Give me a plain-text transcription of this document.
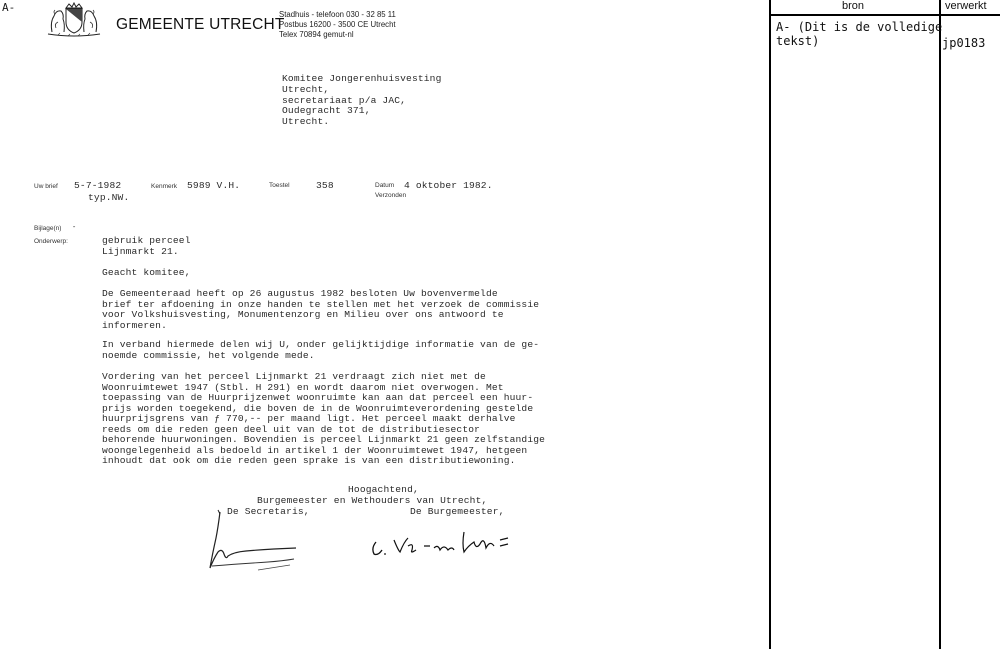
A-
GEMEENTE UTRECHT
Stadhuis - telefoon 030 - 32 85 11
Postbus 16200 - 3500 CE Utrecht
Telex 70894 gemut-nl
Komitee Jongerenhuisvesting
Utrecht,
secretariaat p/a JAC,
Oudegracht 371,
Utrecht.
Uw brief 5-7-1982
typ.NW.
Kenmerk 5989 V.H.	Toestel	358	Datum 4 oktober 1982.
Verzonden
Bijlage(n) -
Onderwerp:	gebruik perceel
Lijnmarkt 21.
Geacht komitee,
De Gemeenteraad heeft op 26 augustus 1982 besloten Uw bovenvermelde
brief ter afdoening in onze handen te stellen met het verzoek de commissie
voor Volkshuisvesting, Monumentenzorg en Milieu over ons antwoord te
informeren.
In verband hiermede delen wij U, onder gelijktijdige informatie van de ge-
noemde commissie, het volgende mede.
Vordering van het perceel Lijnmarkt 21 verdraagt zich niet met de
Woonruimtewet 1947 (Stbl. H 291) en wordt daarom niet overwogen. Met
toepassing van de Huurprijzenwet woonruimte kan aan dat perceel een huur-
prijs worden toegekend, die boven de in de Woonruimteverordening gestelde
huurprijsgrens van ƒ 770,-- per maand ligt. Het perceel maakt derhalve
reeds om die reden geen deel uit van de tot de distributiesector
behorende huurwoningen. Bovendien is perceel Lijnmarkt 21 geen zelfstandige
woongelegenheid als bedoeld in artikel 1 der Woonruimtewet 1947, hetgeen
inhoudt dat ook om die reden geen sprake is van een distributiewoning.
Hoogachtend,
Burgemeester en Wethouders van Utrecht,
De Secretaris,	De Burgemeester,
bron	verwerkt
A- (Dit is de volledige
tekst)	jp0183
